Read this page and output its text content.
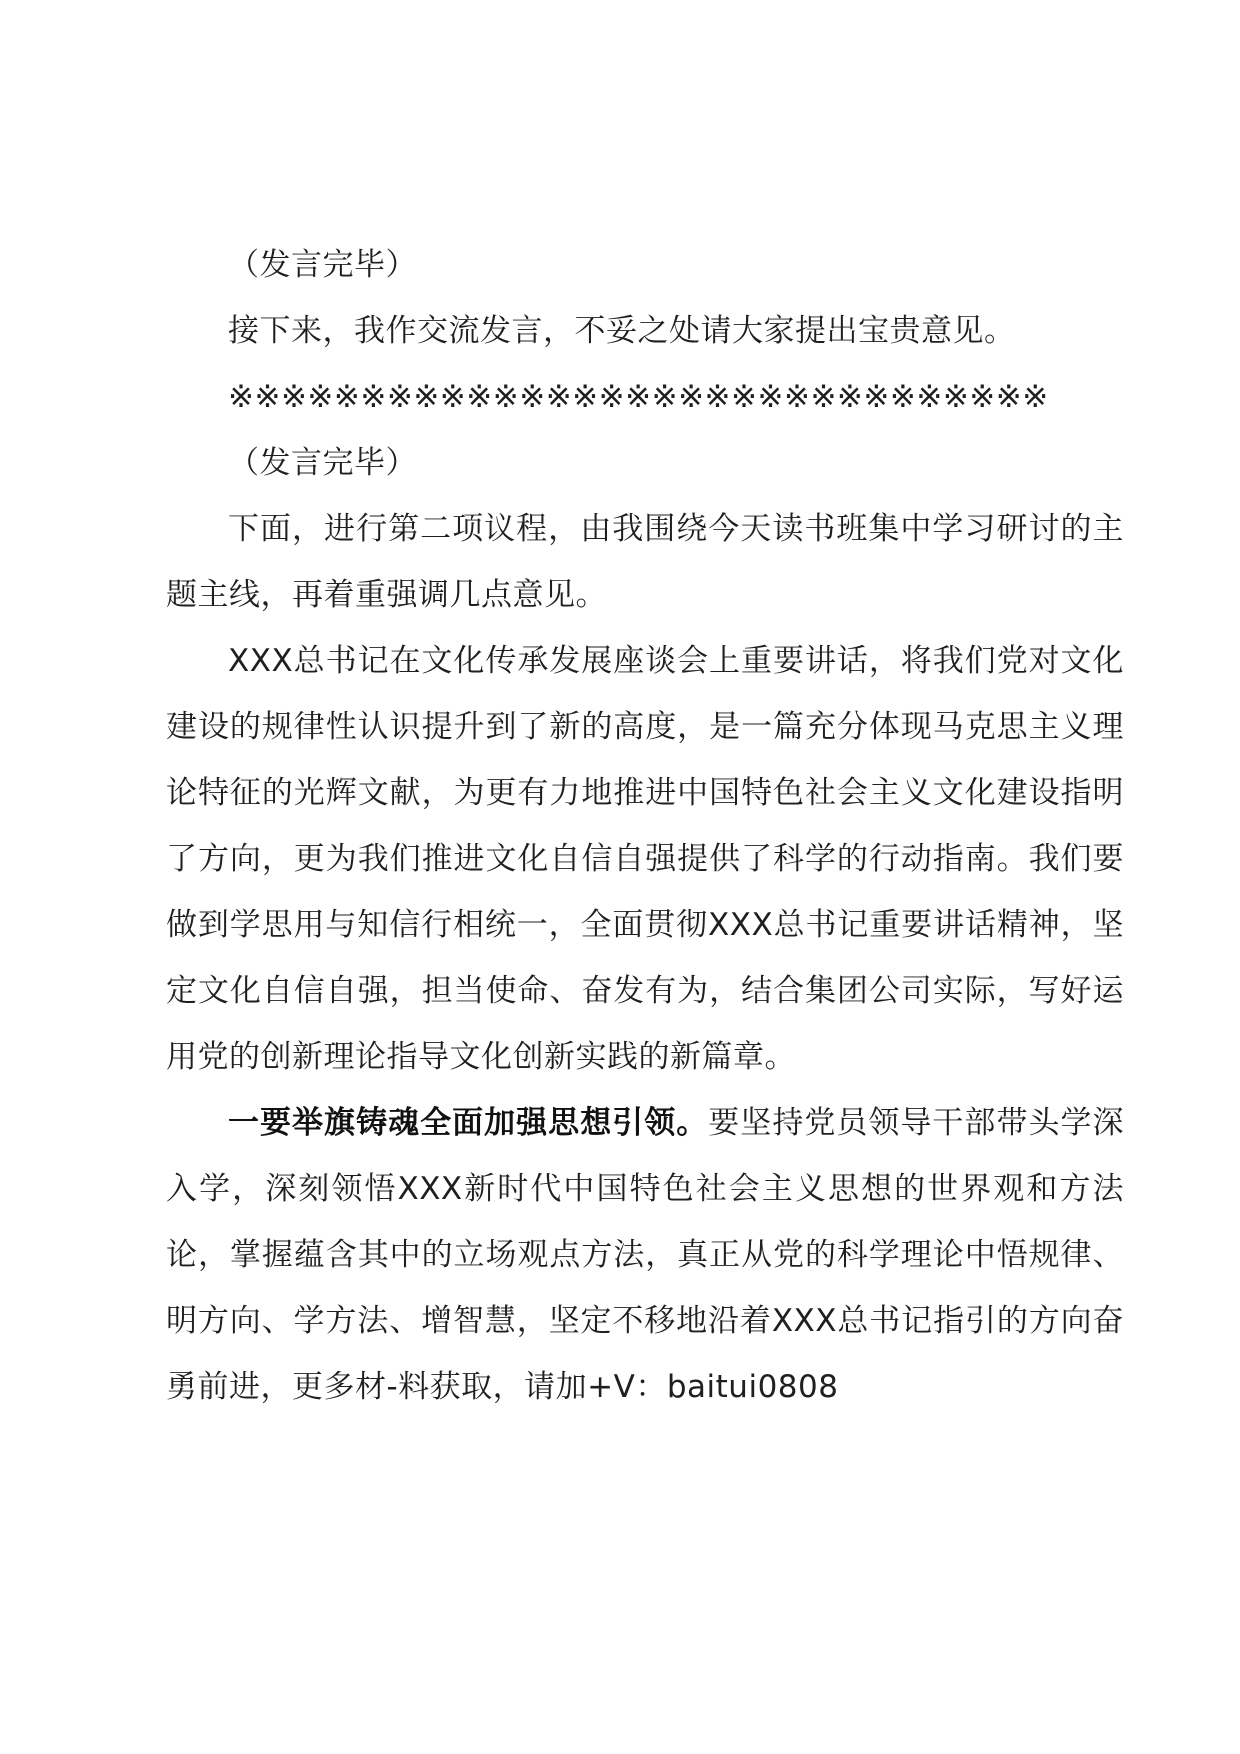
（发言完毕）

接下来，我作交流发言，不妥之处请大家提出宝贵意见。

※※※※※※※※※※※※※※※※※※※※※※※※※※※※※※※

（发言完毕）

下面，进行第二项议程，由我围绕今天读书班集中学习研讨的主题主线，再着重强调几点意见。

XXX总书记在文化传承发展座谈会上重要讲话，将我们党对文化建设的规律性认识提升到了新的高度，是一篇充分体现马克思主义理论特征的光辉文献，为更有力地推进中国特色社会主义文化建设指明了方向，更为我们推进文化自信自强提供了科学的行动指南。我们要做到学思用与知信行相统一，全面贯彻XXX总书记重要讲话精神，坚定文化自信自强，担当使命、奋发有为，结合集团公司实际，写好运用党的创新理论指导文化创新实践的新篇章。

一要举旗铸魂全面加强思想引领。要坚持党员领导干部带头学深入学，深刻领悟XXX新时代中国特色社会主义思想的世界观和方法论，掌握蕴含其中的立场观点方法，真正从党的科学理论中悟规律、明方向、学方法、增智慧，坚定不移地沿着XXX总书记指引的方向奋勇前进，更多材-料获取，请加+V：baitui0808
